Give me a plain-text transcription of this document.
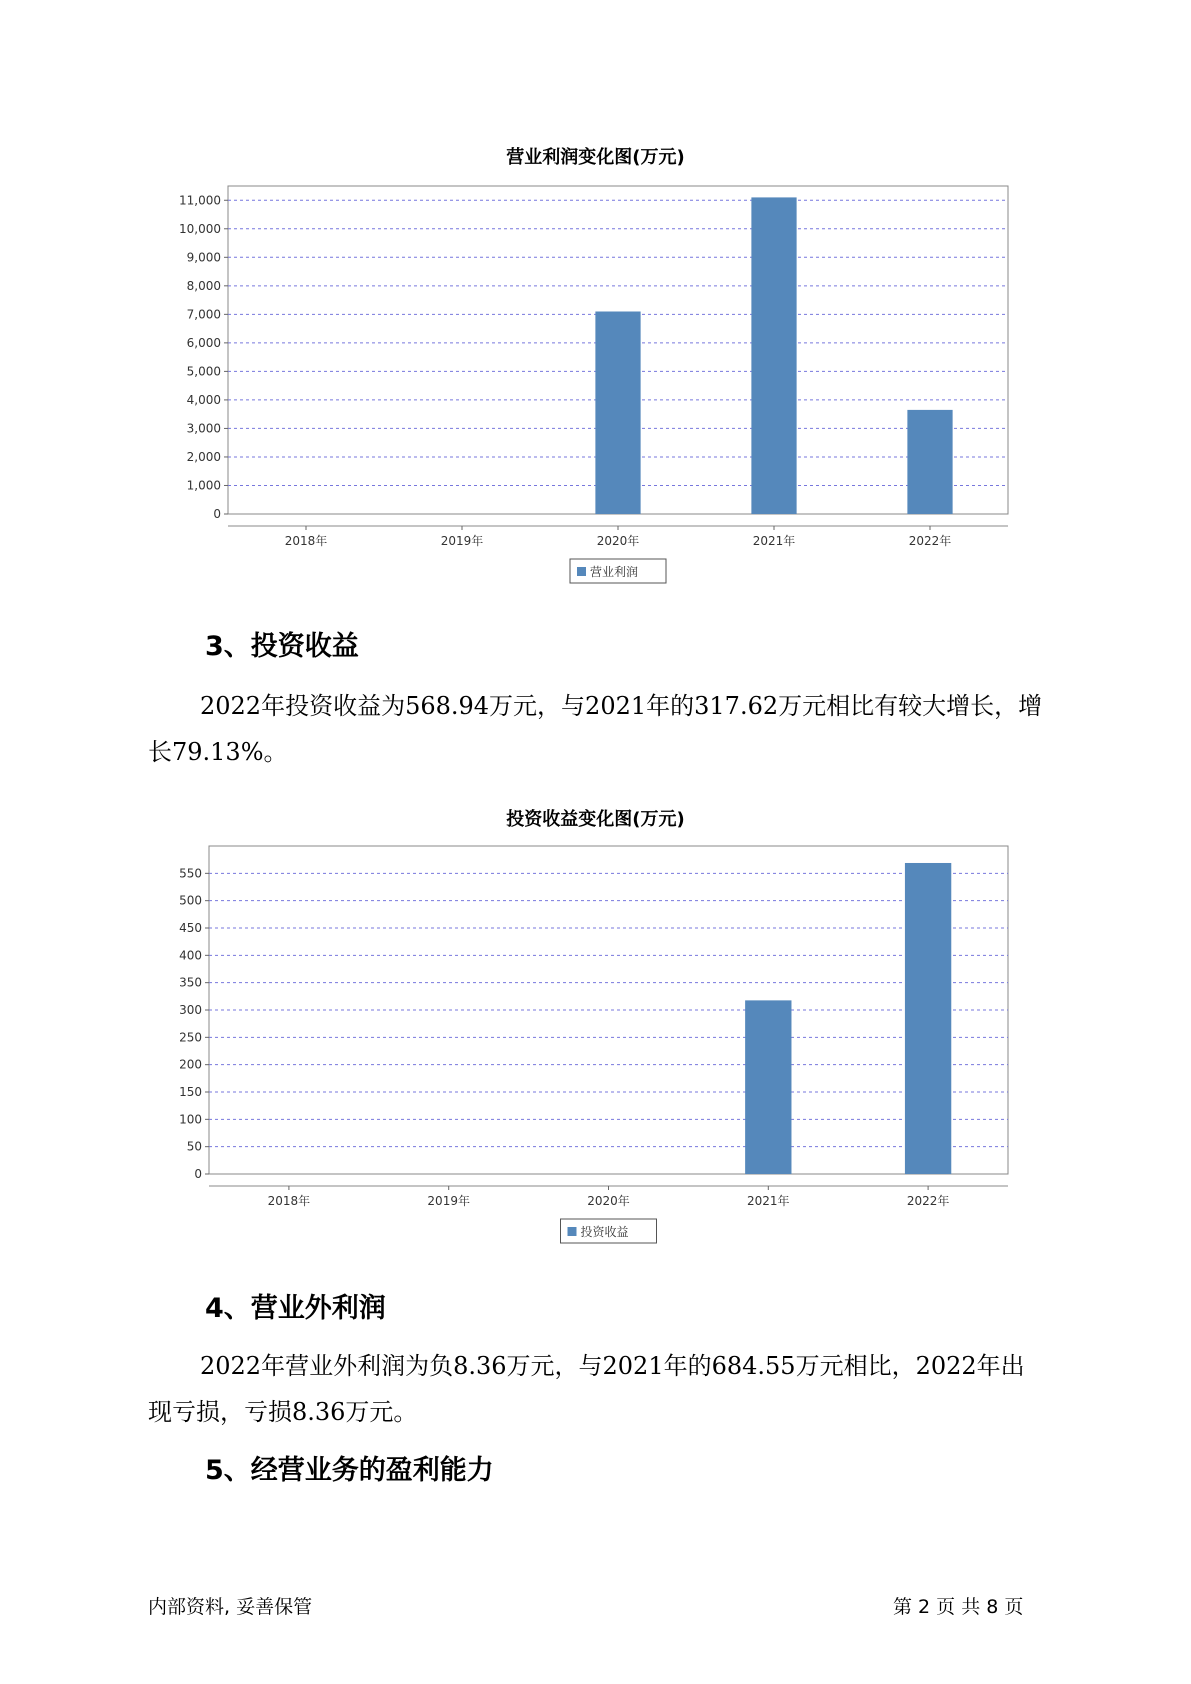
营业利润变化图(万元)
0
1,000
2,000
3,000
4,000
5,000
6,000
7,000
8,000
9,000
10,000
11,000
2018年	2019年	2020年	2021年	2022年
营业利润
3、投资收益
2022年投资收益为568.94万元，与2021年的317.62万元相比有较大增长，增长79.13%。
投资收益变化图(万元)
0
50
100
150
200
250
300
350
400
450
500
550
2018年	2019年	2020年	2021年	2022年
投资收益
4、营业外利润
2022年营业外利润为负8.36万元，与2021年的684.55万元相比，2022年出现亏损，亏损8.36万元。
5、经营业务的盈利能力
内部资料, 妥善保管	第 2 页 共 8 页
